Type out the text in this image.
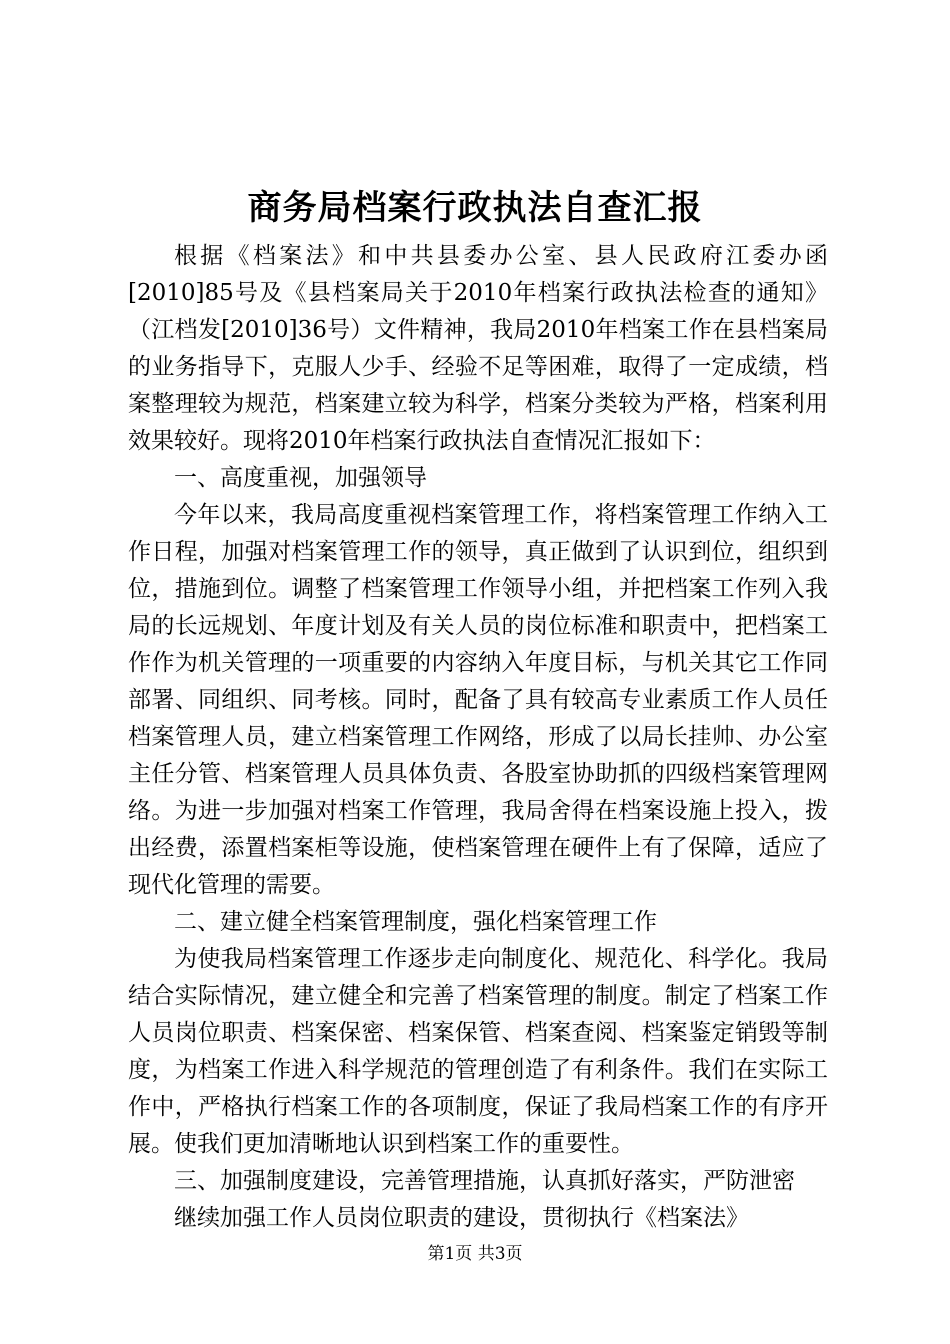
商务局档案行政执法自查汇报

根据《档案法》和中共县委办公室、县人民政府江委办函[2010]85号及《县档案局关于2010年档案行政执法检查的通知》（江档发[2010]36号）文件精神，我局2010年档案工作在县档案局的业务指导下，克服人少手、经验不足等困难，取得了一定成绩，档案整理较为规范，档案建立较为科学，档案分类较为严格，档案利用效果较好。现将2010年档案行政执法自查情况汇报如下：

一、高度重视，加强领导

今年以来，我局高度重视档案管理工作，将档案管理工作纳入工作日程，加强对档案管理工作的领导，真正做到了认识到位，组织到位，措施到位。调整了档案管理工作领导小组，并把档案工作列入我局的长远规划、年度计划及有关人员的岗位标准和职责中，把档案工作作为机关管理的一项重要的内容纳入年度目标，与机关其它工作同部署、同组织、同考核。同时，配备了具有较高专业素质工作人员任档案管理人员，建立档案管理工作网络，形成了以局长挂帅、办公室主任分管、档案管理人员具体负责、各股室协助抓的四级档案管理网络。为进一步加强对档案工作管理，我局舍得在档案设施上投入，拨出经费，添置档案柜等设施，使档案管理在硬件上有了保障，适应了现代化管理的需要。

二、建立健全档案管理制度，强化档案管理工作

为使我局档案管理工作逐步走向制度化、规范化、科学化。我局结合实际情况，建立健全和完善了档案管理的制度。制定了档案工作人员岗位职责、档案保密、档案保管、档案查阅、档案鉴定销毁等制度，为档案工作进入科学规范的管理创造了有利条件。我们在实际工作中，严格执行档案工作的各项制度，保证了我局档案工作的有序开展。使我们更加清晰地认识到档案工作的重要性。

三、加强制度建设，完善管理措施，认真抓好落实，严防泄密

继续加强工作人员岗位职责的建设，贯彻执行《档案法》

第1页 共3页
